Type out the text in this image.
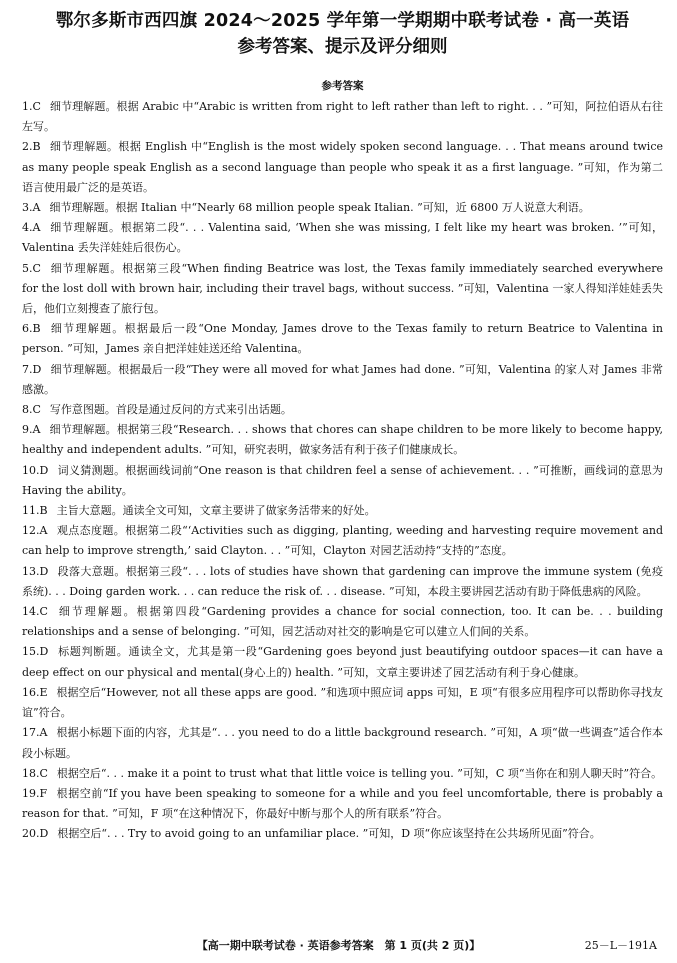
鄂尔多斯市西四旗 2024～2025 学年第一学期期中联考试卷 · 高一英语
参考答案、提示及评分细则
参考答案

1.C 细节理解题。根据 Arabic 中“Arabic is written from right to left rather than left to right. . . ”可知，阿拉伯语从右往左写。

2.B 细节理解题。根据 English 中“English is the most widely spoken second language. . . That means around twice as many people speak English as a second language than people who speak it as a first language. ”可知，作为第二语言使用最广泛的是英语。

3.A 细节理解题。根据 Italian 中“Nearly 68 million people speak Italian. ”可知，近 6800 万人说意大利语。

4.A 细节理解题。根据第二段“. . . Valentina said, ‘When she was missing, I felt like my heart was broken. ’”可知，Valentina 丢失洋娃娃后很伤心。

5.C 细节理解题。根据第三段“When finding Beatrice was lost, the Texas family immediately searched everywhere for the lost doll with brown hair, including their travel bags, without success. ”可知，Valentina 一家人得知洋娃娃丢失后，他们立刻搜查了旅行包。

6.B 细节理解题。根据最后一段“One Monday, James drove to the Texas family to return Beatrice to Valentina in person. ”可知，James 亲自把洋娃娃送还给 Valentina。

7.D 细节理解题。根据最后一段“They were all moved for what James had done. ”可知，Valentina 的家人对 James 非常感激。

8.C 写作意图题。首段是通过反问的方式来引出话题。

9.A 细节理解题。根据第三段“Research. . . shows that chores can shape children to be more likely to become happy, healthy and independent adults. ”可知，研究表明，做家务活有利于孩子们健康成长。

10.D 词义猜测题。根据画线词前“One reason is that children feel a sense of achievement. . . ”可推断，画线词的意思为 Having the ability。

11.B 主旨大意题。通读全文可知，文章主要讲了做家务活带来的好处。

12.A 观点态度题。根据第二段“‘Activities such as digging, planting, weeding and harvesting require movement and can help to improve strength,’ said Clayton. . . ”可知，Clayton 对园艺活动持“支持的”态度。

13.D 段落大意题。根据第三段“. . . lots of studies have shown that gardening can improve the immune system (免疫系统). . . Doing garden work. . . can reduce the risk of. . . disease. ”可知，本段主要讲园艺活动有助于降低患病的风险。

14.C 细节理解题。根据第四段“Gardening provides a chance for social connection, too. It can be. . . building relationships and a sense of belonging. ”可知，园艺活动对社交的影响是它可以建立人们间的关系。

15.D 标题判断题。通读全文，尤其是第一段“Gardening goes beyond just beautifying outdoor spaces—it can have a deep effect on our physical and mental(身心上的) health. ”可知，文章主要讲述了园艺活动有利于身心健康。

16.E 根据空后“However, not all these apps are good. ”和选项中照应词 apps 可知，E 项“有很多应用程序可以帮助你寻找友谊”符合。

17.A 根据小标题下面的内容，尤其是“. . . you need to do a little background research. ”可知，A 项“做一些调查”适合作本段小标题。

18.C 根据空后“. . . make it a point to trust what that little voice is telling you. ”可知，C 项“当你在和别人聊天时”符合。

19.F 根据空前“If you have been speaking to someone for a while and you feel uncomfortable, there is probably a reason for that. ”可知，F 项“在这种情况下，你最好中断与那个人的所有联系”符合。

20.D 根据空后“. . . Try to avoid going to an unfamiliar place. ”可知，D 项“你应该坚持在公共场所见面”符合。

【高一期中联考试卷 · 英语参考答案　第 1 页(共 2 页)】	25－L－191A
